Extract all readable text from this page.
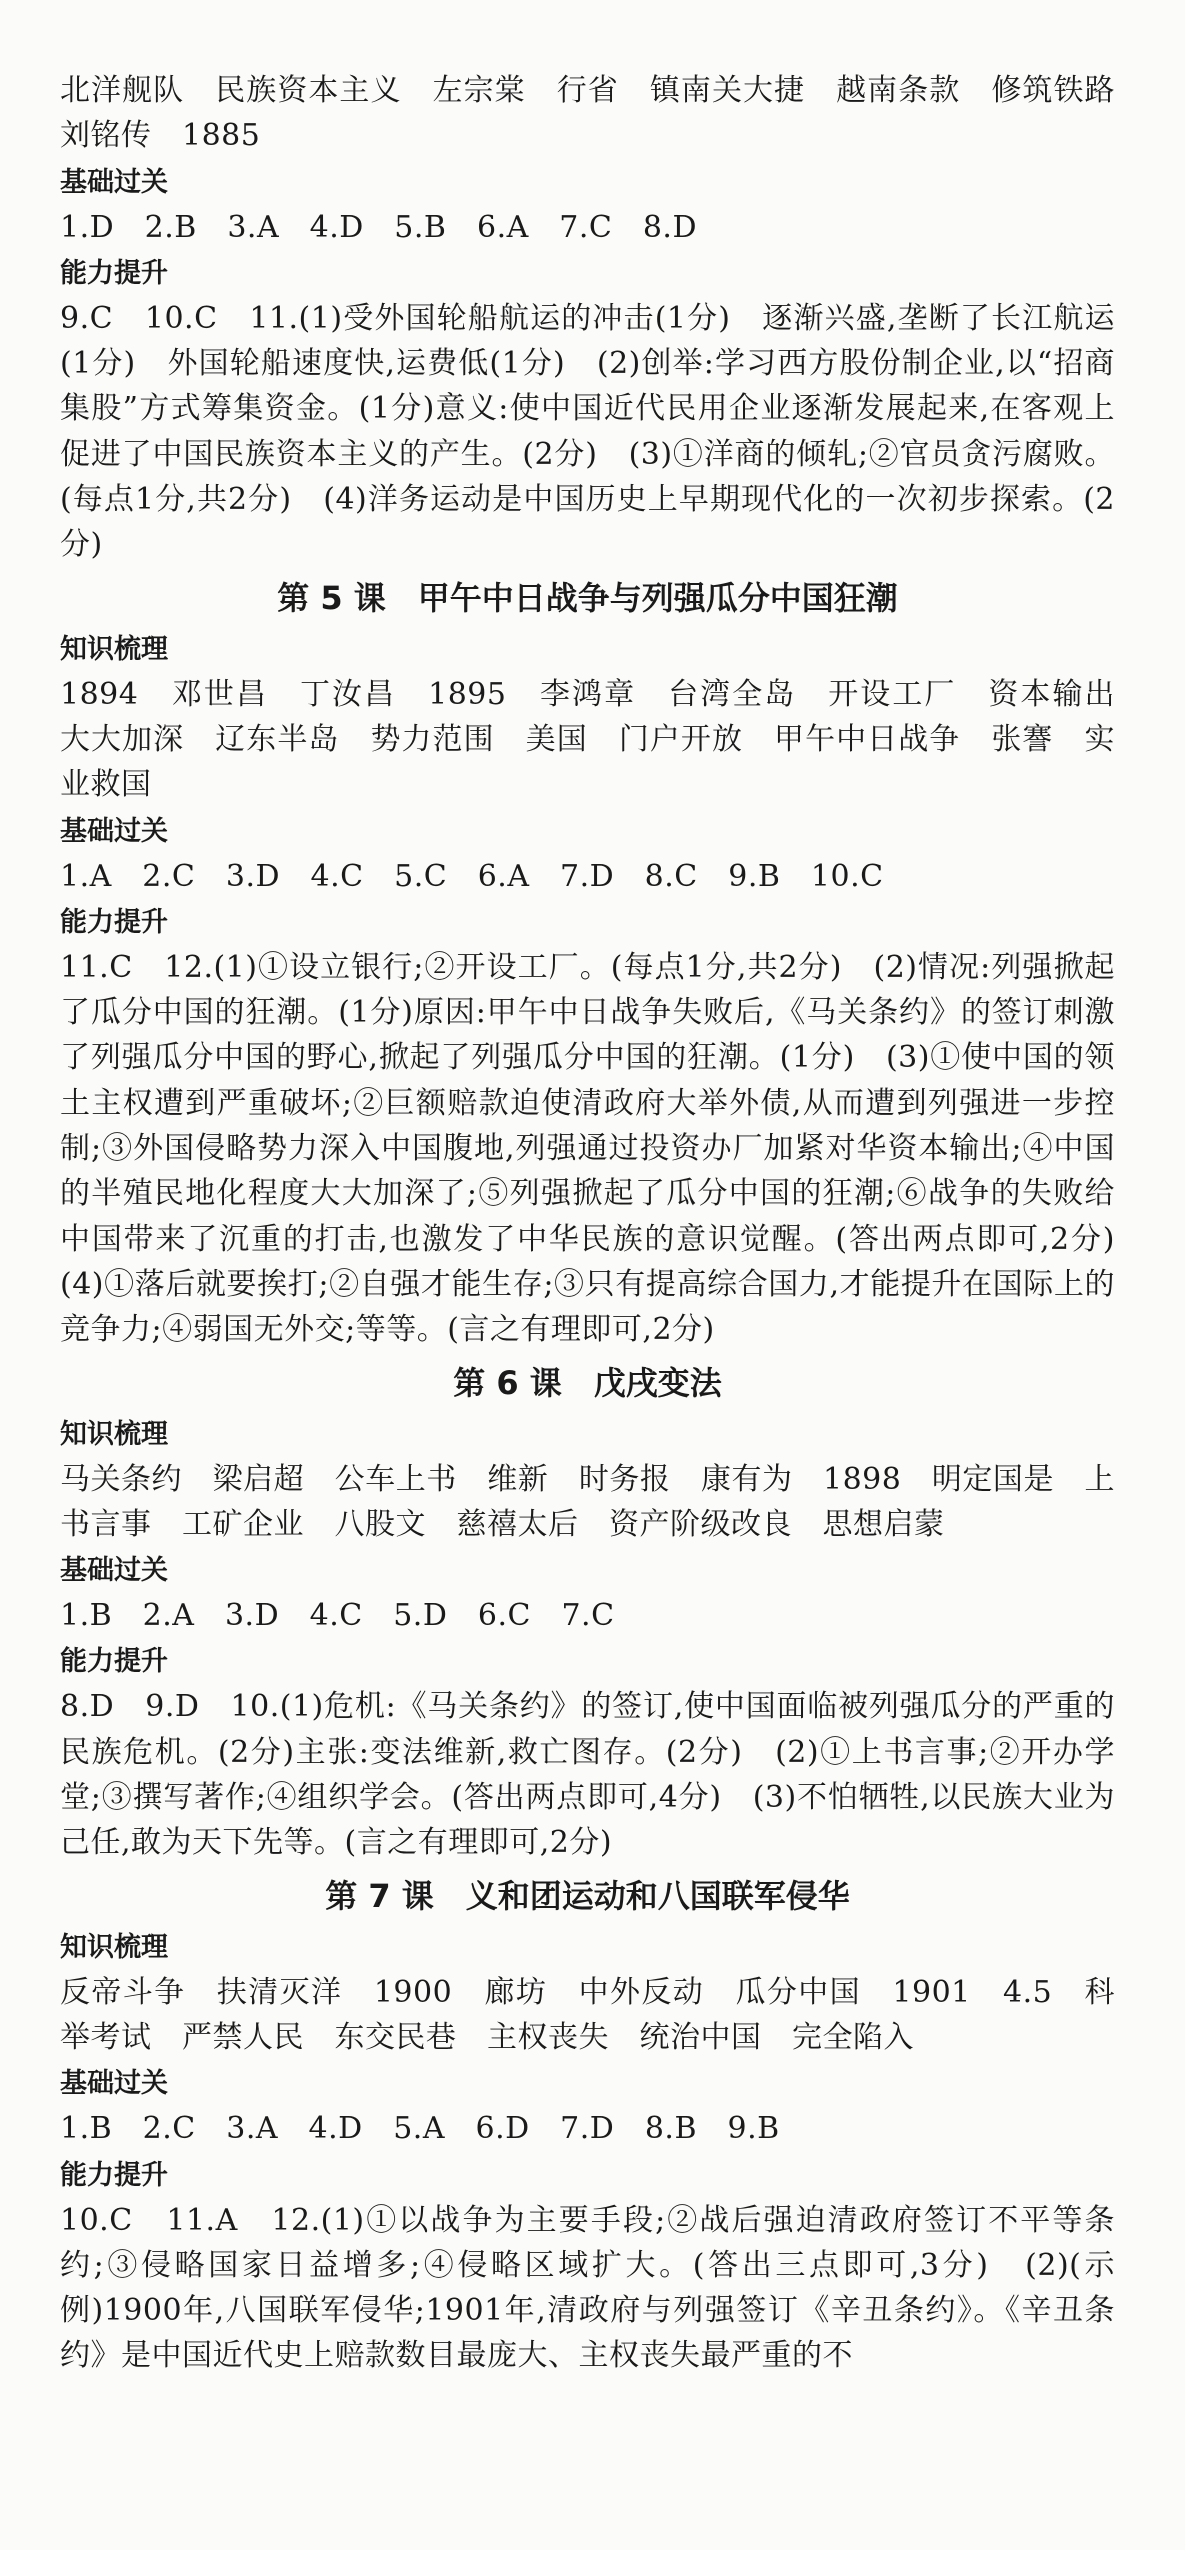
北洋舰队　民族资本主义　左宗棠　行省　镇南关大捷　越南条款　修筑铁路　刘铭传　1885
基础过关
1.D　2.B　3.A　4.D　5.B　6.A　7.C　8.D
能力提升
9.C　10.C　11.(1)受外国轮船航运的冲击(1分)　逐渐兴盛,垄断了长江航运(1分)　外国轮船速度快,运费低(1分)　(2)创举:学习西方股份制企业,以“招商集股”方式筹集资金。(1分)意义:使中国近代民用企业逐渐发展起来,在客观上促进了中国民族资本主义的产生。(2分)　(3)①洋商的倾轧;②官员贪污腐败。(每点1分,共2分)　(4)洋务运动是中国历史上早期现代化的一次初步探索。(2分)
第 5 课　甲午中日战争与列强瓜分中国狂潮
知识梳理
1894　邓世昌　丁汝昌　1895　李鸿章　台湾全岛　开设工厂　资本输出　大大加深　辽东半岛　势力范围　美国　门户开放　甲午中日战争　张謇　实业救国
基础过关
1.A　2.C　3.D　4.C　5.C　6.A　7.D　8.C　9.B　10.C
能力提升
11.C　12.(1)①设立银行;②开设工厂。(每点1分,共2分)　(2)情况:列强掀起了瓜分中国的狂潮。(1分)原因:甲午中日战争失败后,《马关条约》的签订刺激了列强瓜分中国的野心,掀起了列强瓜分中国的狂潮。(1分)　(3)①使中国的领土主权遭到严重破坏;②巨额赔款迫使清政府大举外债,从而遭到列强进一步控制;③外国侵略势力深入中国腹地,列强通过投资办厂加紧对华资本输出;④中国的半殖民地化程度大大加深了;⑤列强掀起了瓜分中国的狂潮;⑥战争的失败给中国带来了沉重的打击,也激发了中华民族的意识觉醒。(答出两点即可,2分)　(4)①落后就要挨打;②自强才能生存;③只有提高综合国力,才能提升在国际上的竞争力;④弱国无外交;等等。(言之有理即可,2分)
第 6 课　戊戌变法
知识梳理
马关条约　梁启超　公车上书　维新　时务报　康有为　1898　明定国是　上书言事　工矿企业　八股文　慈禧太后　资产阶级改良　思想启蒙
基础过关
1.B　2.A　3.D　4.C　5.D　6.C　7.C
能力提升
8.D　9.D　10.(1)危机:《马关条约》的签订,使中国面临被列强瓜分的严重的民族危机。(2分)主张:变法维新,救亡图存。(2分)　(2)①上书言事;②开办学堂;③撰写著作;④组织学会。(答出两点即可,4分)　(3)不怕牺牲,以民族大业为己任,敢为天下先等。(言之有理即可,2分)
第 7 课　义和团运动和八国联军侵华
知识梳理
反帝斗争　扶清灭洋　1900　廊坊　中外反动　瓜分中国　1901　4.5　科举考试　严禁人民　东交民巷　主权丧失　统治中国　完全陷入
基础过关
1.B　2.C　3.A　4.D　5.A　6.D　7.D　8.B　9.B
能力提升
10.C　11.A　12.(1)①以战争为主要手段;②战后强迫清政府签订不平等条约;③侵略国家日益增多;④侵略区域扩大。(答出三点即可,3分)　(2)(示例)1900年,八国联军侵华;1901年,清政府与列强签订《辛丑条约》。《辛丑条约》是中国近代史上赔款数目最庞大、主权丧失最严重的不
